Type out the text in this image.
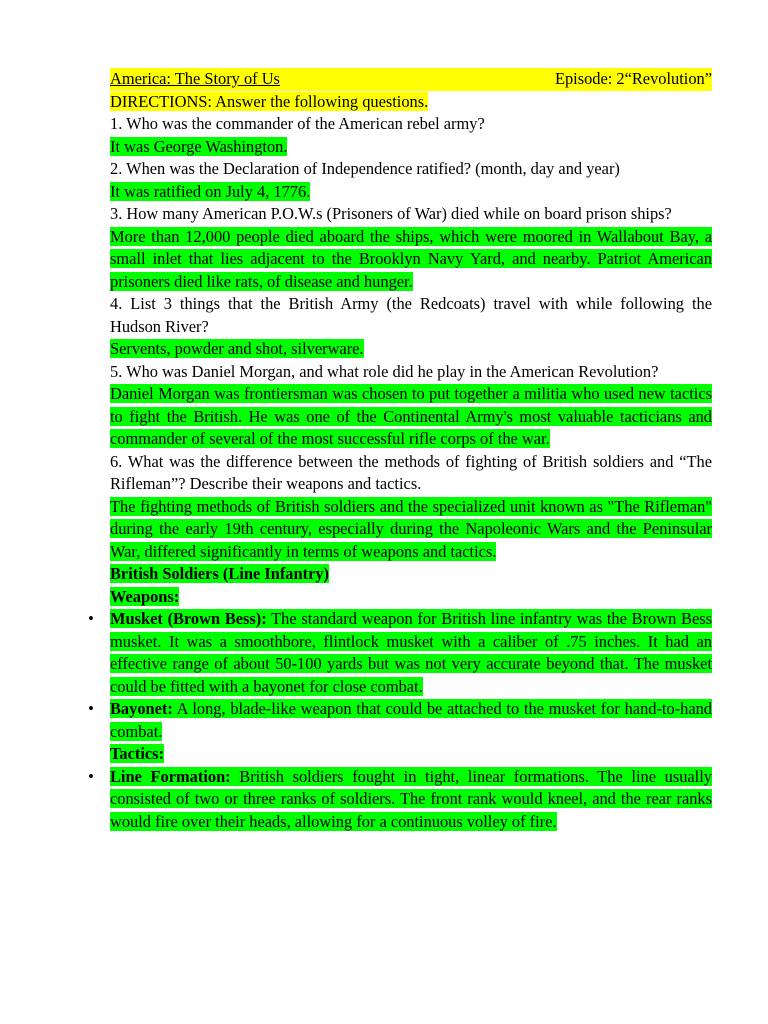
America: The Story of Us	Episode: 2“Revolution”

DIRECTIONS: Answer the following questions.

1. Who was the commander of the American rebel army?

It was George Washington.

2. When was the Declaration of Independence ratified? (month, day and year)

It was ratified on July 4, 1776.

3. How many American P.O.W.s (Prisoners of War) died while on board prison ships?

More than 12,000 people died aboard the ships, which were moored in Wallabout Bay, a small inlet that lies adjacent to the Brooklyn Navy Yard, and nearby. Patriot American prisoners died like rats, of disease and hunger.

4. List 3 things that the British Army (the Redcoats) travel with while following the Hudson River?

Servents, powder and shot, silverware.

5. Who was Daniel Morgan, and what role did he play in the American Revolution?

Daniel Morgan was frontiersman was chosen to put together a militia who used new tactics to fight the British. He was one of the Continental Army's most valuable tacticians and commander of several of the most successful rifle corps of the war.

6. What was the difference between the methods of fighting of British soldiers and “The Rifleman”? Describe their weapons and tactics.

The fighting methods of British soldiers and the specialized unit known as "The Rifleman" during the early 19th century, especially during the Napoleonic Wars and the Peninsular War, differed significantly in terms of weapons and tactics.

British Soldiers (Line Infantry)

Weapons:

• Musket (Brown Bess): The standard weapon for British line infantry was the Brown Bess musket. It was a smoothbore, flintlock musket with a caliber of .75 inches. It had an effective range of about 50-100 yards but was not very accurate beyond that. The musket could be fitted with a bayonet for close combat.

• Bayonet: A long, blade-like weapon that could be attached to the musket for hand-to-hand combat.

Tactics:

• Line Formation: British soldiers fought in tight, linear formations. The line usually consisted of two or three ranks of soldiers. The front rank would kneel, and the rear ranks would fire over their heads, allowing for a continuous volley of fire.
